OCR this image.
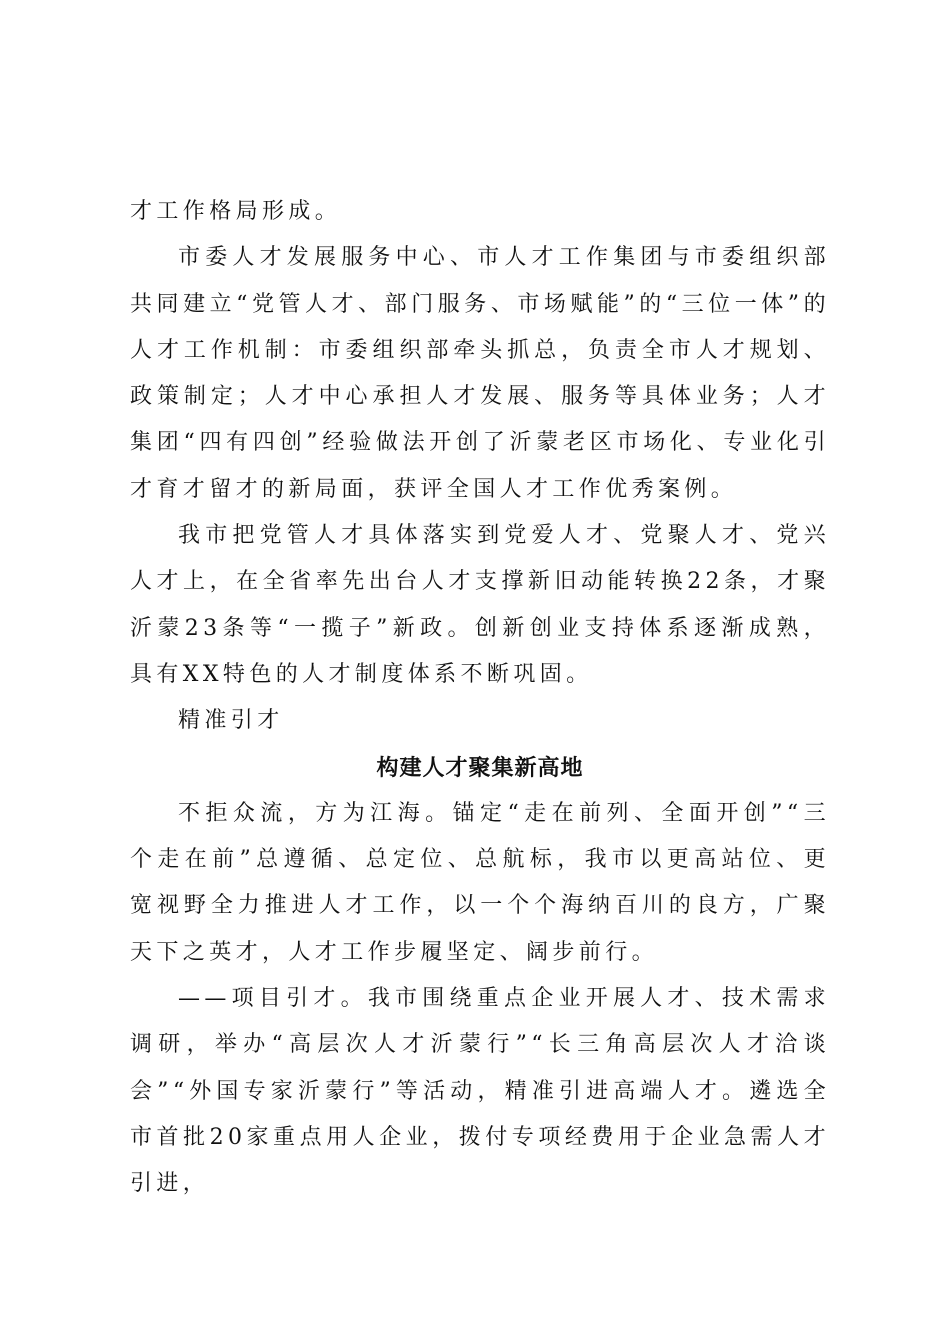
才工作格局形成。

市委人才发展服务中心、市人才工作集团与市委组织部共同建立“党管人才、部门服务、市场赋能”的“三位一体”的人才工作机制：市委组织部牵头抓总，负责全市人才规划、政策制定；人才中心承担人才发展、服务等具体业务；人才集团“四有四创”经验做法开创了沂蒙老区市场化、专业化引才育才留才的新局面，获评全国人才工作优秀案例。

我市把党管人才具体落实到党爱人才、党聚人才、党兴人才上，在全省率先出台人才支撑新旧动能转换22条，才聚沂蒙23条等“一揽子”新政。创新创业支持体系逐渐成熟，具有XX特色的人才制度体系不断巩固。

精准引才

构建人才聚集新高地

不拒众流，方为江海。锚定“走在前列、全面开创”“三个走在前”总遵循、总定位、总航标，我市以更高站位、更宽视野全力推进人才工作，以一个个海纳百川的良方，广聚天下之英才，人才工作步履坚定、阔步前行。

——项目引才。我市围绕重点企业开展人才、技术需求调研，举办“高层次人才沂蒙行”“长三角高层次人才洽谈会”“外国专家沂蒙行”等活动，精准引进高端人才。遴选全市首批20家重点用人企业，拨付专项经费用于企业急需人才引进，
